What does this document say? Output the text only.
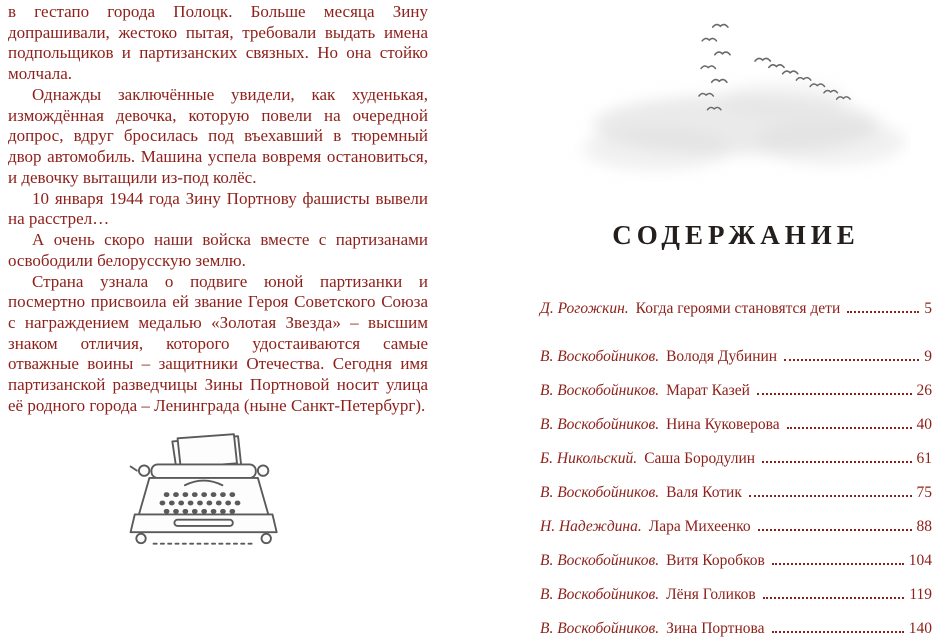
в гестапо города Полоцк. Больше месяца Зину допрашивали, жестоко пытая, требовали выдать имена подпольщиков и партизанских связных. Но она стойко молчала.

Однажды заключённые увидели, как худенькая, измождённая девочка, которую повели на очередной допрос, вдруг бросилась под въехавший в тюремный двор автомобиль. Машина успела вовремя остановиться, и девочку вытащили из-под колёс.

10 января 1944 года Зину Портнову фашисты вывели на расстрел…

А очень скоро наши войска вместе с партизанами освободили белорусскую землю.

Страна узнала о подвиге юной партизанки и посмертно присвоила ей звание Героя Советского Союза с награждением медалью «Золотая Звезда» – высшим знаком отличия, которого удостаиваются самые отважные воины – защитники Отечества. Сегодня имя партизанской разведчицы Зины Портновой носит улица её родного города – Ленинграда (ныне Санкт-Петербург).

СОДЕРЖАНИЕ
Д. Рогожкин. Когда героями становятся дети	5
В. Воскобойников. Володя Дубинин	9
В. Воскобойников. Марат Казей	26
В. Воскобойников. Нина Куковерова	40
Б. Никольский. Саша Бородулин	61
В. Воскобойников. Валя Котик	75
Н. Надеждина. Лара Михеенко	88
В. Воскобойников. Витя Коробков	104
В. Воскобойников. Лёня Голиков	119
В. Воскобойников. Зина Портнова	140
